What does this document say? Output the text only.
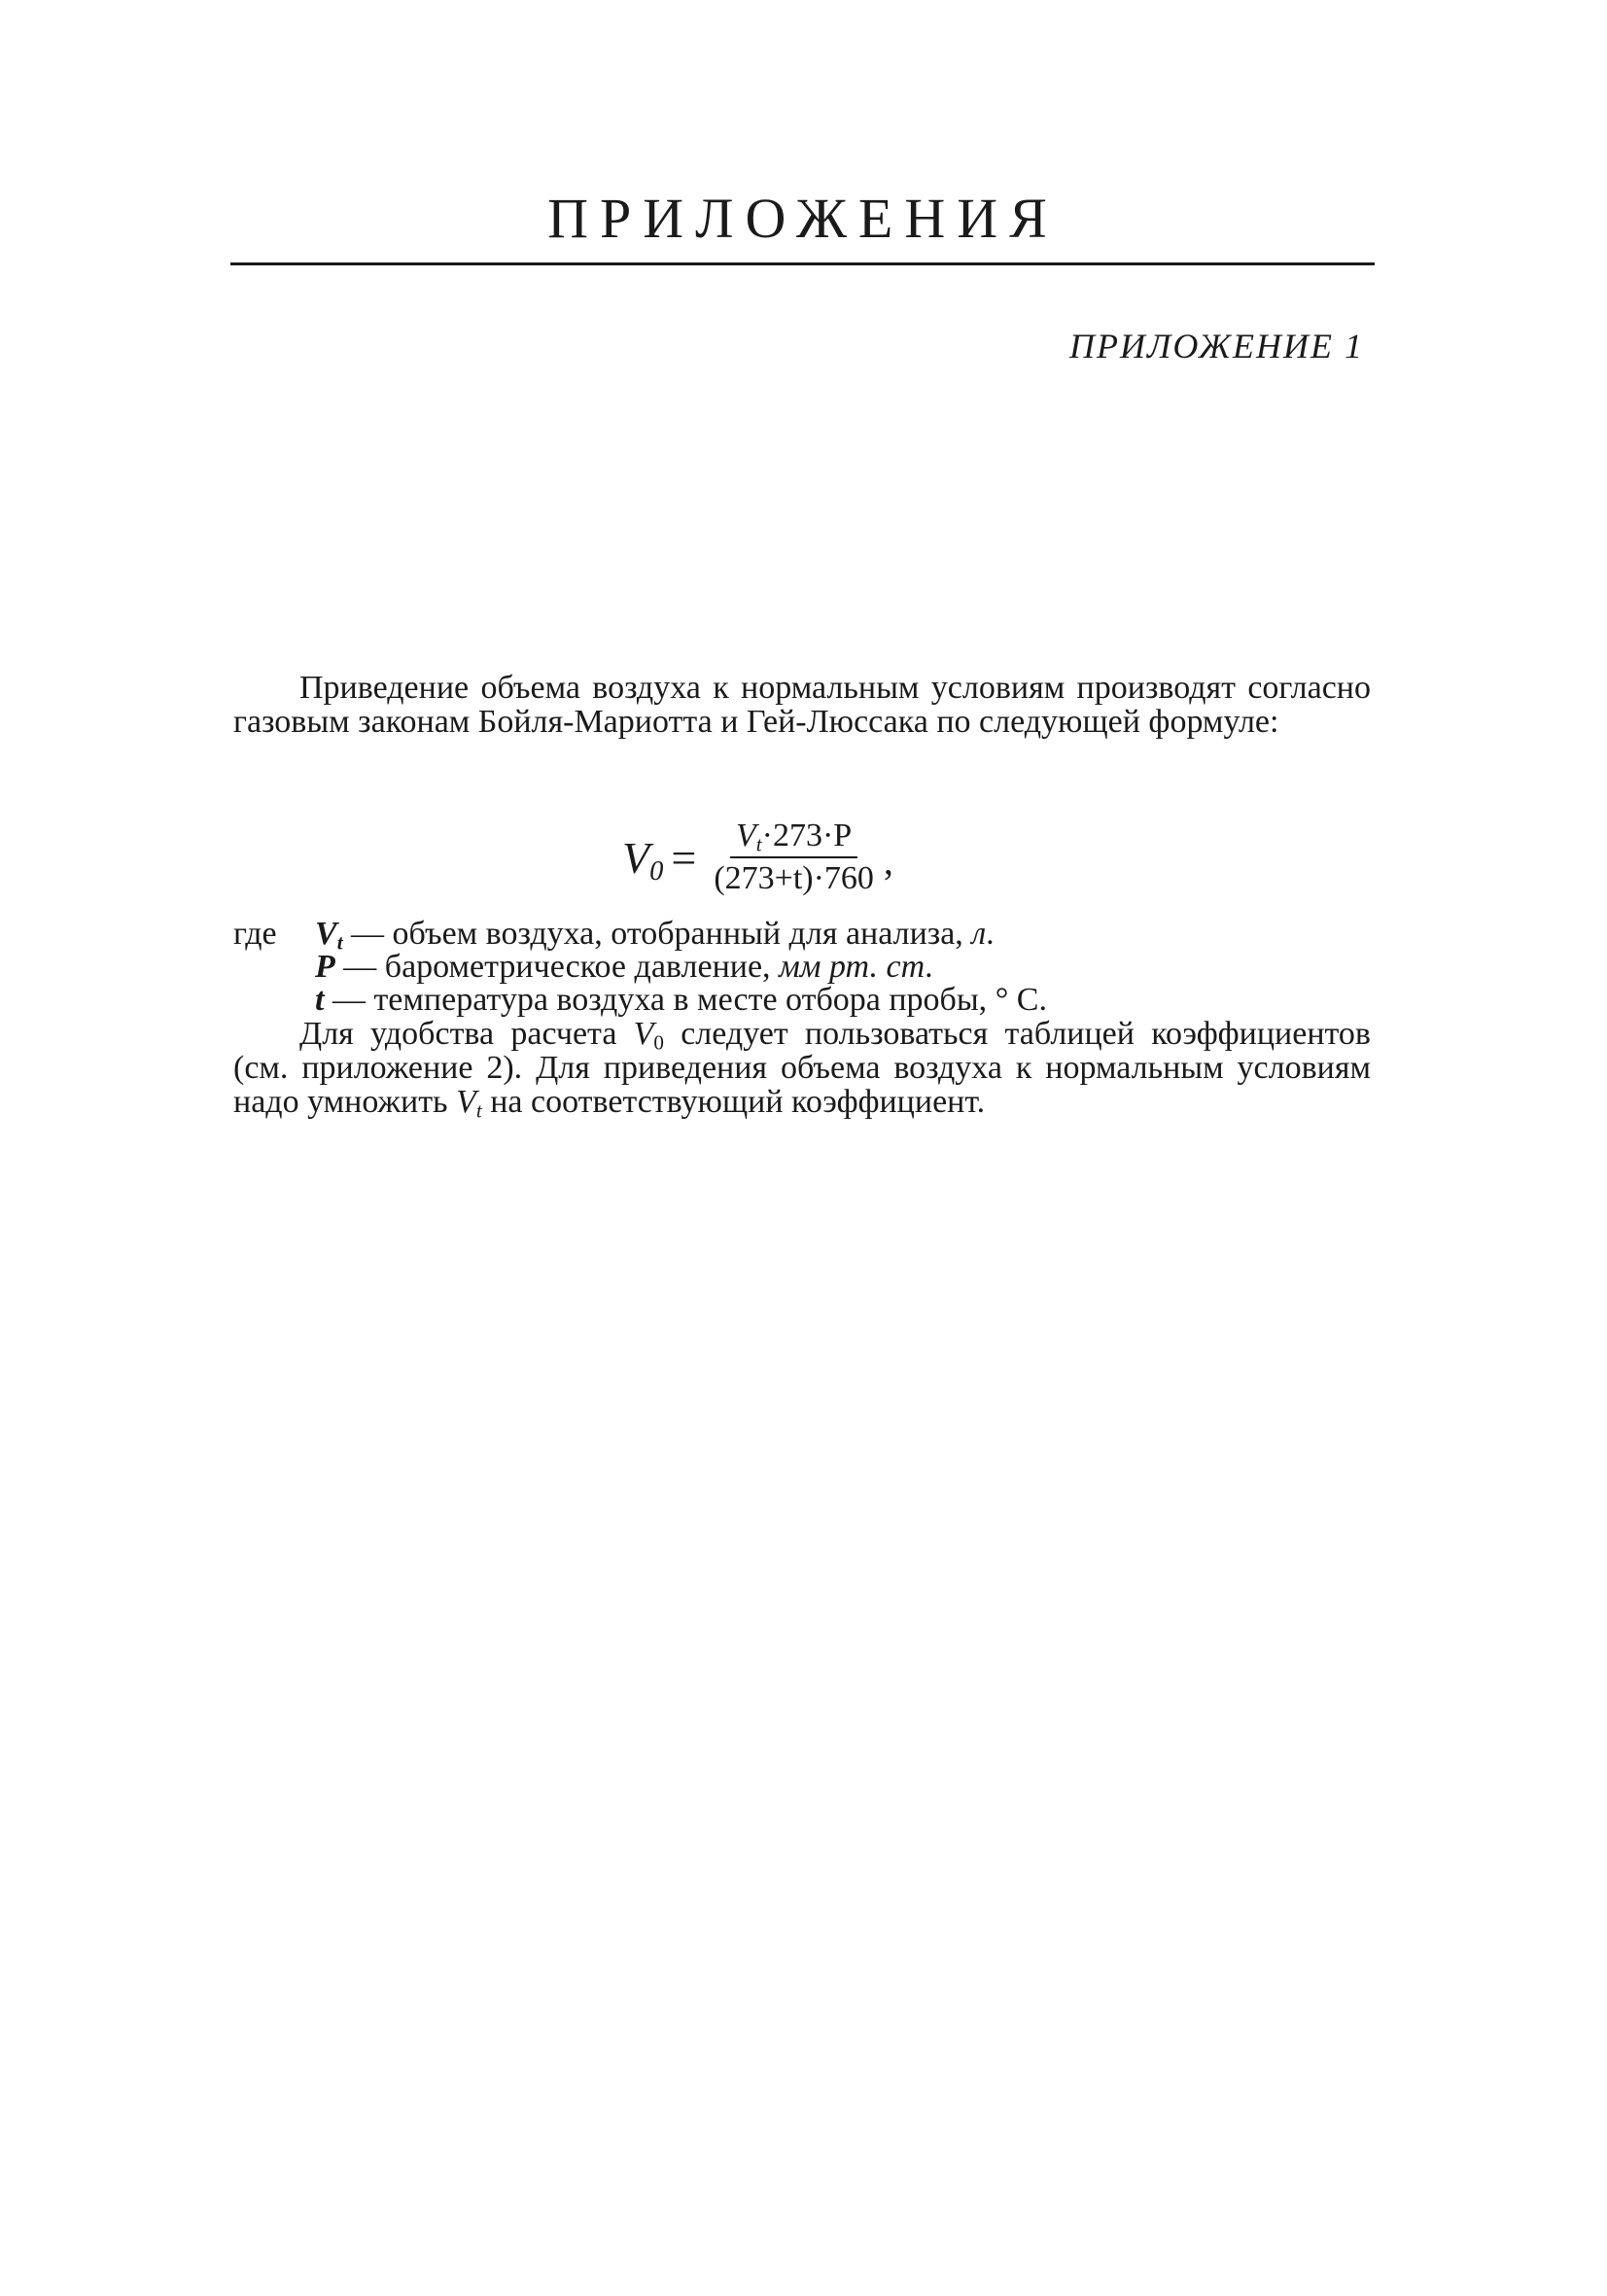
ПРИЛОЖЕНИЯ
ПРИЛОЖЕНИЕ 1

Приведение объема воздуха к нормальным условиям производят согласно газовым законам Бойля-Мариотта и Гей-Люссака по следующей формуле:

$V_0 = \frac{V_t\cdot 273\cdot P}{(273+t)\cdot 760}$ ,
где $V_t$ — объем воздуха, отобранный для анализа, л.
P — барометрическое давление, мм рт. ст.
t — температура воздуха в месте отбора пробы, ° С.

Для удобства расчета $V_0$ следует пользоваться таблицей коэффициентов (см. приложение 2). Для приведения объема воздуха к нормальным условиям надо умножить $V_t$ на соответствующий коэффициент.
